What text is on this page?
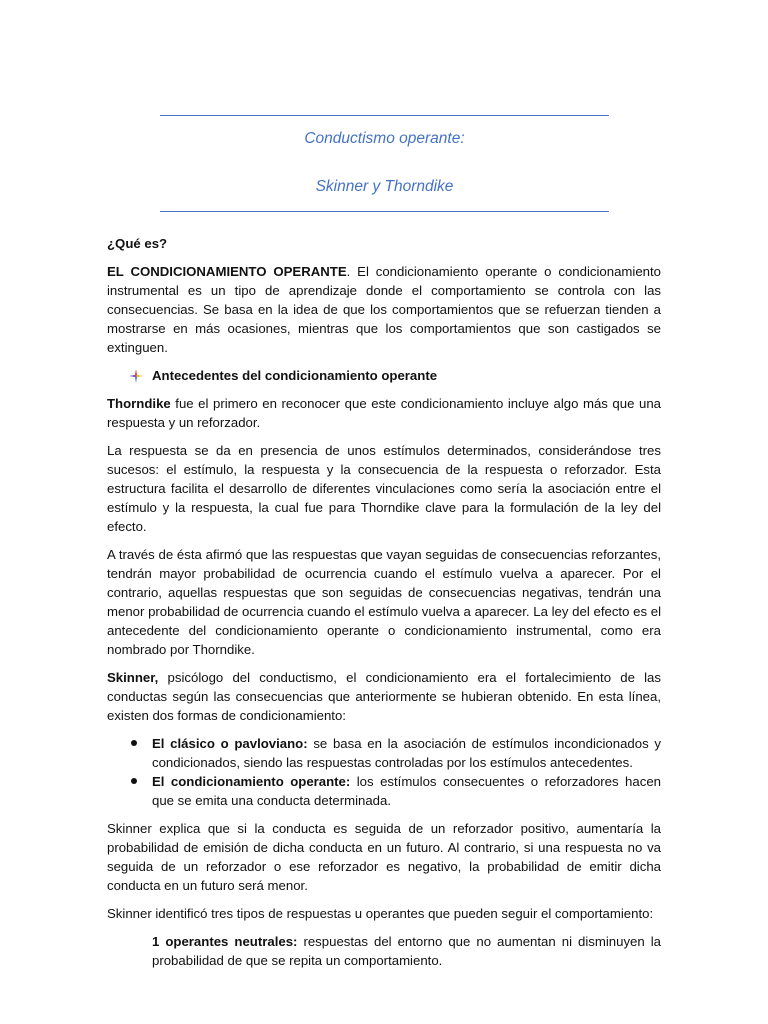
Conductismo operante:
Skinner y Thorndike
¿Qué es?

EL CONDICIONAMIENTO OPERANTE. El condicionamiento operante o condicionamiento instrumental es un tipo de aprendizaje donde el comportamiento se controla con las consecuencias. Se basa en la idea de que los comportamientos que se refuerzan tienden a mostrarse en más ocasiones, mientras que los comportamientos que son castigados se extinguen.

Antecedentes del condicionamiento operante

Thorndike fue el primero en reconocer que este condicionamiento incluye algo más que una respuesta y un reforzador.

La respuesta se da en presencia de unos estímulos determinados, considerándose tres sucesos: el estímulo, la respuesta y la consecuencia de la respuesta o reforzador. Esta estructura facilita el desarrollo de diferentes vinculaciones como sería la asociación entre el estímulo y la respuesta, la cual fue para Thorndike clave para la formulación de la ley del efecto.

A través de ésta afirmó que las respuestas que vayan seguidas de consecuencias reforzantes, tendrán mayor probabilidad de ocurrencia cuando el estímulo vuelva a aparecer. Por el contrario, aquellas respuestas que son seguidas de consecuencias negativas, tendrán una menor probabilidad de ocurrencia cuando el estímulo vuelva a aparecer. La ley del efecto es el antecedente del condicionamiento operante o condicionamiento instrumental, como era nombrado por Thorndike.

Skinner, psicólogo del conductismo, el condicionamiento era el fortalecimiento de las conductas según las consecuencias que anteriormente se hubieran obtenido. En esta línea, existen dos formas de condicionamiento:

El clásico o pavloviano: se basa en la asociación de estímulos incondicionados y condicionados, siendo las respuestas controladas por los estímulos antecedentes.
El condicionamiento operante: los estímulos consecuentes o reforzadores hacen que se emita una conducta determinada.

Skinner explica que si la conducta es seguida de un reforzador positivo, aumentaría la probabilidad de emisión de dicha conducta en un futuro. Al contrario, si una respuesta no va seguida de un reforzador o ese reforzador es negativo, la probabilidad de emitir dicha conducta en un futuro será menor.

Skinner identificó tres tipos de respuestas u operantes que pueden seguir el comportamiento:

1 operantes neutrales: respuestas del entorno que no aumentan ni disminuyen la probabilidad de que se repita un comportamiento.
